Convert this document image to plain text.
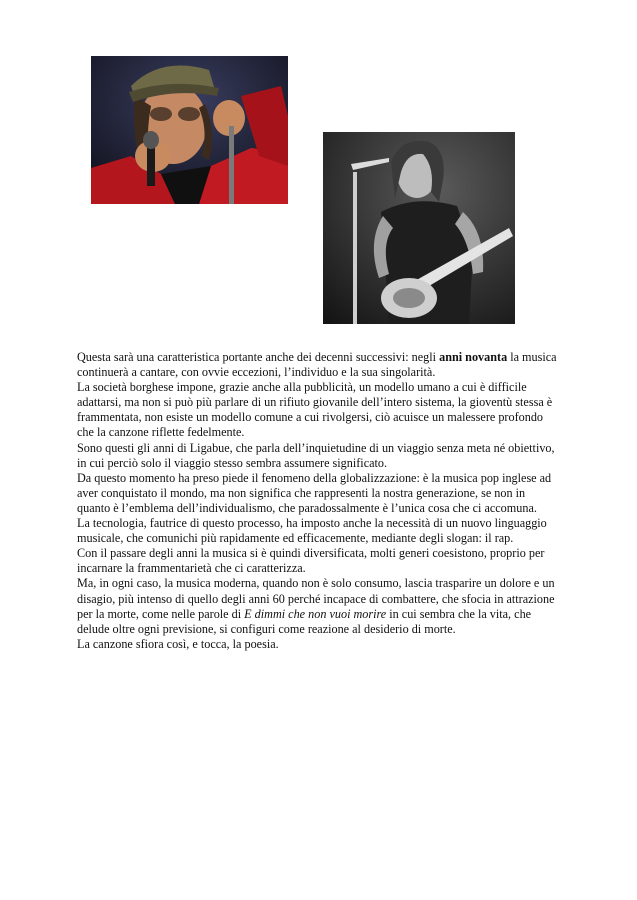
Questa sarà una caratteristica portante anche dei decenni successivi: negli anni novanta la musica continuerà a cantare, con ovvie eccezioni, l’individuo e la sua singolarità.

La società borghese impone, grazie anche alla pubblicità, un modello umano a cui è difficile adattarsi, ma non si può più parlare di un rifiuto giovanile dell’intero sistema, la gioventù stessa è frammentata, non esiste un modello comune a cui rivolgersi, ciò acuisce un malessere profondo che la canzone riflette fedelmente.

Sono questi gli anni di Ligabue, che parla dell’inquietudine di un viaggio senza meta né obiettivo, in cui perciò solo il viaggio stesso sembra assumere significato.

Da questo momento ha preso piede il fenomeno della globalizzazione: è la musica pop inglese ad aver conquistato il mondo, ma non significa che rappresenti la nostra generazione, se non in quanto è l’emblema dell’individualismo, che paradossalmente è l’unica cosa che ci accomuna.

La tecnologia, fautrice di questo processo, ha imposto anche la necessità di un nuovo linguaggio musicale, che comunichi più rapidamente ed efficacemente, mediante degli slogan: il rap.

Con il passare degli anni la musica si è quindi diversificata, molti generi coesistono, proprio per incarnare la frammentarietà che ci caratterizza.

Ma, in ogni caso, la musica moderna, quando non è solo consumo, lascia trasparire un dolore e un disagio, più intenso di quello degli anni 60 perché incapace di combattere, che sfocia in attrazione per la morte, come nelle parole di E dimmi che non vuoi morire in cui sembra che la vita, che delude oltre ogni previsione, si configuri come reazione al desiderio di morte.

La canzone sfiora così, e tocca, la poesia.
